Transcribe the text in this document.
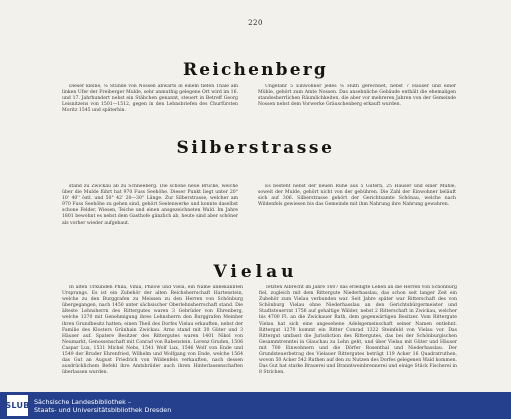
220
Reichenberg

Dieser kleine, ⅛ Stunde von Nossen abwärts in einem tiefen Thale am linken Ufer der Freiberger Mulde, sehr anmuthig gelegene Ort wird im 16. und 17. Jahrhundert nebst ein Stäbchen genannt, steuert in Betreff Georg Leisnitzens von 1501—1512, gegen in den Lehnsbriefen des Churfürsten Moritz 1545 und späterhin.

Ungefähr 5 Einwohner jedes ⅛ Huth gerechnet, nebst 7 Häuser und einer Mühle, gehört zum Amte Nossen. Das ansehnliche Gebäude enthält die ehemaligen standesherrlichen Räumlichkeiten, die aber vor mehreren Jahren von der Gemeinde Nossen nebst dem Vorwerke Gräuschenberg erkauft wurden.

Silberstrasse

stand zu Zwickau ab zu Schneeberg. Die schöne neue Brücke, welche über die Mulde führt hat 970 Fuss Seehöhe. Dieser Punkt liegt unter 20° 10' 40'' östl. und 50° 42' 20—30'' Länge. Zur Silberstrasse, welcher am 970 Fuss Seehöhe zu gehen sind, gehört Seelenwerke und konnte daselbst schone Felder, Wiesen, Teiche und einen ansgezeichneten Wald. Im Jahre 1801 bewohnt es nebst dem Gasthofe gänzlich ab, heute sind aber schöner als vorher wieder aufgebaut.

Es besteht nebst der neuen Ruhe aus 5 Gütern, 25 Häuser und einer Mühle, soweit der Mulde, gehört nicht von der gebühren. Die Zahl der Einwohner beläuft sich auf 306. Silberstrasse gehört der Gerichtsamte Schönau, welche nach Wildenfels gewiesen bis das Gemeinde mit ihm Nahrung ihre Nahrung gewahren.

Vielau

In alten Urkunden Phila, Vihla, Philow und Viela, ein Name unbekannten Ursprungs. Es ist ein Zubehör der alten Reichsherrschaft Hartenstein, welche zu den Burggrafen zu Meissen zu den Herren von Schönburg übergegangen, nach 1450 unter sächsischer Oberlehnsherrschaft stand. Die älteste Lehnsherrn des Rittergutes waren 3 Gebrüder von Ehrenberg, welche 1370 mit Genehmigung ihres Lehnsherrn den Burggrafen Meinher ihren Grundbesitz hatten; einen Theil des Dorfes Vielau erkauften, nebst der Familie des Klosters Grünhain Zwickau. Arno stand mit 30 Güter und 3 Häuser auf. Spatere Besitzer des Rittergutes waren 1401 Nikol von Neumarkt, Genossenschaft mit Conrad von Rabenstein. Lorenz Gruden, 1506 Caspar Lux, 1531 Michel Nebs, 1541 Wolf Lux, 1546 Wolf von Ende und 1549 der Bruder Ehrenfried, Wilhelm und Wolfgang von Ende, welche 1564 das Gut an August Friedrich von Wildenfels verkauften, nach dessen ausdrücklichem Befehl ihre Amtsbrüder auch ihren Hinterlassenschaften überlassen wurden.

Ietzten Albrecht im Jahre 1607 das erledigte Lehen an die Herren von Schönburg fiel, zugleich mit dem Rittergute Niederhasslau, das schon seit langer Zeit ein Zubehör zum Vielau verbunden war. Seit Jahre später war Ritterschaft des von Schönburg Vielau ohne Niederhasslau an den Gerichtsbürgermeister und Stadtsteuerrat 1756 auf gehaltige Wälder, nebst 2 Ritterschaft in Zwickau, welcher bis 4700 Fl. an die Zwickauer Rath, dem gegenwärtigen Besitzer. Vom Rittergute Vielau hat sich eine angesehene Adelsgemeinschaft seiner Namen entlehnt. Rittergut 1270 kommt ein Ritter Conrad 1322 Steinfeld von Vielau vor. Das Rittergut umfasst die Jurisdiction des Rittergutes, das bei der Schönburgischen Gesammtrenntei in Glauchau zu Lehn geht, und über Vielau mit Güter und Häuser mit 700 Einwohnern und die Dörfer Rosenthal und Niederhasslau. Der Grundsteuerbetrag des Vielauer Rittergutes beträgt 119 Acker 16 Quadratruthen, wovon 50 Acker 542 Ruthen auf den zu Nutzen des Dorfes gelegenen Wald kommen. Das Gut hat starke Brauerei und Branntweinbrennerei und einige Stück Fischerei in 8 Strichen.

SLUB Sächsische Landesbibliothek –
Staats- und Universitätsbibliothek Dresden
